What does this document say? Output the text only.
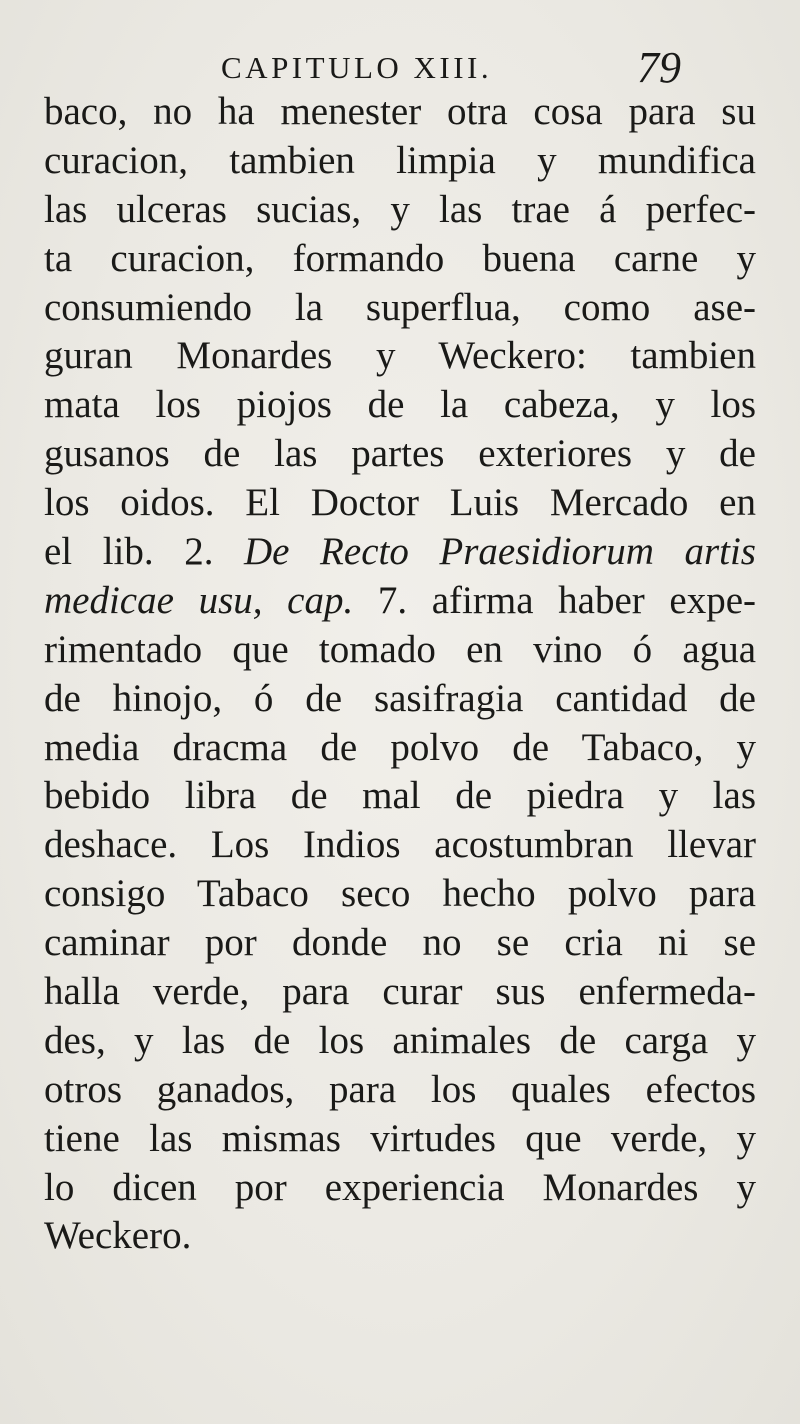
CAPITULO XIII.	79
baco, no ha menester otra cosa para su
curacion, tambien limpia y mundifica
las ulceras sucias, y las trae á perfec-
ta curacion, formando buena carne y
consumiendo la superflua, como ase-
guran Monardes y Weckero: tambien
mata los piojos de la cabeza, y los
gusanos de las partes exteriores y de
los oidos. El Doctor Luis Mercado en
el lib. 2. De Recto Praesidiorum artis
medicae usu, cap. 7. afirma haber expe-
rimentado que tomado en vino ó agua
de hinojo, ó de sasifragia cantidad de
media dracma de polvo de Tabaco, y
bebido libra de mal de piedra y las
deshace. Los Indios acostumbran llevar
consigo Tabaco seco hecho polvo para
caminar por donde no se cria ni se
halla verde, para curar sus enfermeda-
des, y las de los animales de carga y
otros ganados, para los quales efectos
tiene las mismas virtudes que verde, y
lo dicen por experiencia Monardes y
Weckero.
